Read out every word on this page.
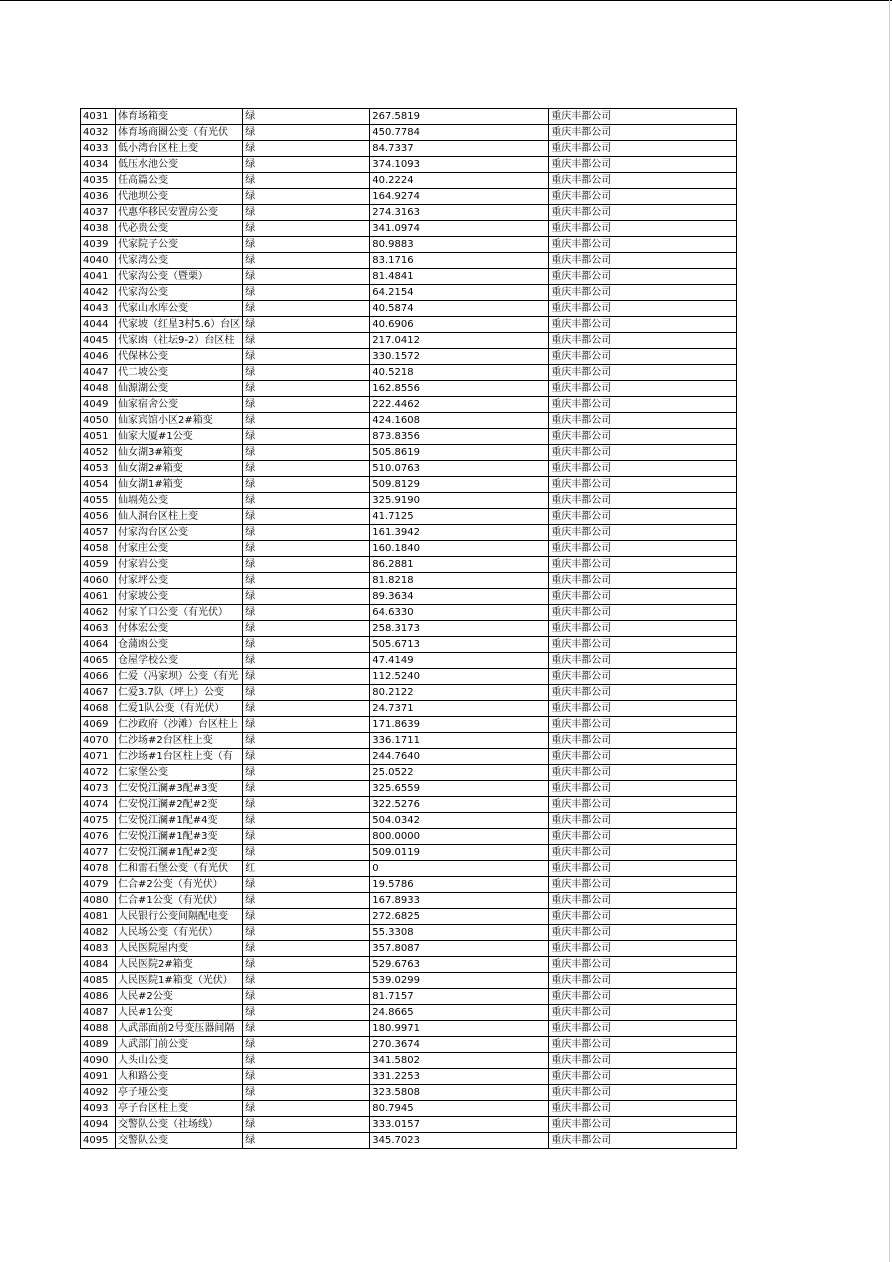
4031	体育场箱变	绿	267.5819	重庆丰都公司
4032	体育场商圈公变（有光伏	绿	450.7784	重庆丰都公司
4033	低小湾台区柱上变	绿	84.7337	重庆丰都公司
4034	低压水池公变	绿	374.1093	重庆丰都公司
4035	任高篇公变	绿	40.2224	重庆丰都公司
4036	代池坝公变	绿	164.9274	重庆丰都公司
4037	代惠华移民安置房公变	绿	274.3163	重庆丰都公司
4038	代必贵公变	绿	341.0974	重庆丰都公司
4039	代家院子公变	绿	80.9883	重庆丰都公司
4040	代家湾公变	绿	83.1716	重庆丰都公司
4041	代家沟公变（暨栗）	绿	81.4841	重庆丰都公司
4042	代家沟公变	绿	64.2154	重庆丰都公司
4043	代家山水库公变	绿	40.5874	重庆丰都公司
4044	代家坡（红星3村5.6）台区	绿	40.6906	重庆丰都公司
4045	代家凼（社坛9-2）台区柱	绿	217.0412	重庆丰都公司
4046	代保林公变	绿	330.1572	重庆丰都公司
4047	代二坡公变	绿	40.5218	重庆丰都公司
4048	仙源湖公变	绿	162.8556	重庆丰都公司
4049	仙家宿舍公变	绿	222.4462	重庆丰都公司
4050	仙家宾馆小区2#箱变	绿	424.1608	重庆丰都公司
4051	仙家大厦#1公变	绿	873.8356	重庆丰都公司
4052	仙女湖3#箱变	绿	505.8619	重庆丰都公司
4053	仙女湖2#箱变	绿	510.0763	重庆丰都公司
4054	仙女湖1#箱变	绿	509.8129	重庆丰都公司
4055	仙塥苑公变	绿	325.9190	重庆丰都公司
4056	仙人洞台区柱上变	绿	41.7125	重庆丰都公司
4057	付家沟台区公变	绿	161.3942	重庆丰都公司
4058	付家庄公变	绿	160.1840	重庆丰都公司
4059	付家岩公变	绿	86.2881	重庆丰都公司
4060	付家坪公变	绿	81.8218	重庆丰都公司
4061	付家坡公变	绿	89.3634	重庆丰都公司
4062	付家丫口公变（有光伏）	绿	64.6330	重庆丰都公司
4063	付体宏公变	绿	258.3173	重庆丰都公司
4064	仓蒲凼公变	绿	505.6713	重庆丰都公司
4065	仓屋学校公变	绿	47.4149	重庆丰都公司
4066	仁爱（冯家坝）公变（有光	绿	112.5240	重庆丰都公司
4067	仁爱3.7队（坪上）公变	绿	80.2122	重庆丰都公司
4068	仁爱1队公变（有光伏）	绿	24.7371	重庆丰都公司
4069	仁沙政府（沙滩）台区柱上	绿	171.8639	重庆丰都公司
4070	仁沙场#2台区柱上变	绿	336.1711	重庆丰都公司
4071	仁沙场#1台区柱上变（有	绿	244.7640	重庆丰都公司
4072	仁家堡公变	绿	25.0522	重庆丰都公司
4073	仁安悦江澜#3配#3变	绿	325.6559	重庆丰都公司
4074	仁安悦江澜#2配#2变	绿	322.5276	重庆丰都公司
4075	仁安悦江澜#1配#4变	绿	504.0342	重庆丰都公司
4076	仁安悦江澜#1配#3变	绿	800.0000	重庆丰都公司
4077	仁安悦江澜#1配#2变	绿	509.0119	重庆丰都公司
4078	仁和雷石堡公变（有光伏	红	0	重庆丰都公司
4079	仁合#2公变（有光伏）	绿	19.5786	重庆丰都公司
4080	仁合#1公变（有光伏）	绿	167.8933	重庆丰都公司
4081	人民银行公变间隔配电变	绿	272.6825	重庆丰都公司
4082	人民场公变（有光伏）	绿	55.3308	重庆丰都公司
4083	人民医院屋内变	绿	357.8087	重庆丰都公司
4084	人民医院2#箱变	绿	529.6763	重庆丰都公司
4085	人民医院1#箱变（光伏）	绿	539.0299	重庆丰都公司
4086	人民#2公变	绿	81.7157	重庆丰都公司
4087	人民#1公变	绿	24.8665	重庆丰都公司
4088	人武部面前2号变压器间隔	绿	180.9971	重庆丰都公司
4089	人武部门前公变	绿	270.3674	重庆丰都公司
4090	人头山公变	绿	341.5802	重庆丰都公司
4091	人和路公变	绿	331.2253	重庆丰都公司
4092	亭子垭公变	绿	323.5808	重庆丰都公司
4093	亭子台区柱上变	绿	80.7945	重庆丰都公司
4094	交警队公变（社场线）	绿	333.0157	重庆丰都公司
4095	交警队公变	绿	345.7023	重庆丰都公司
